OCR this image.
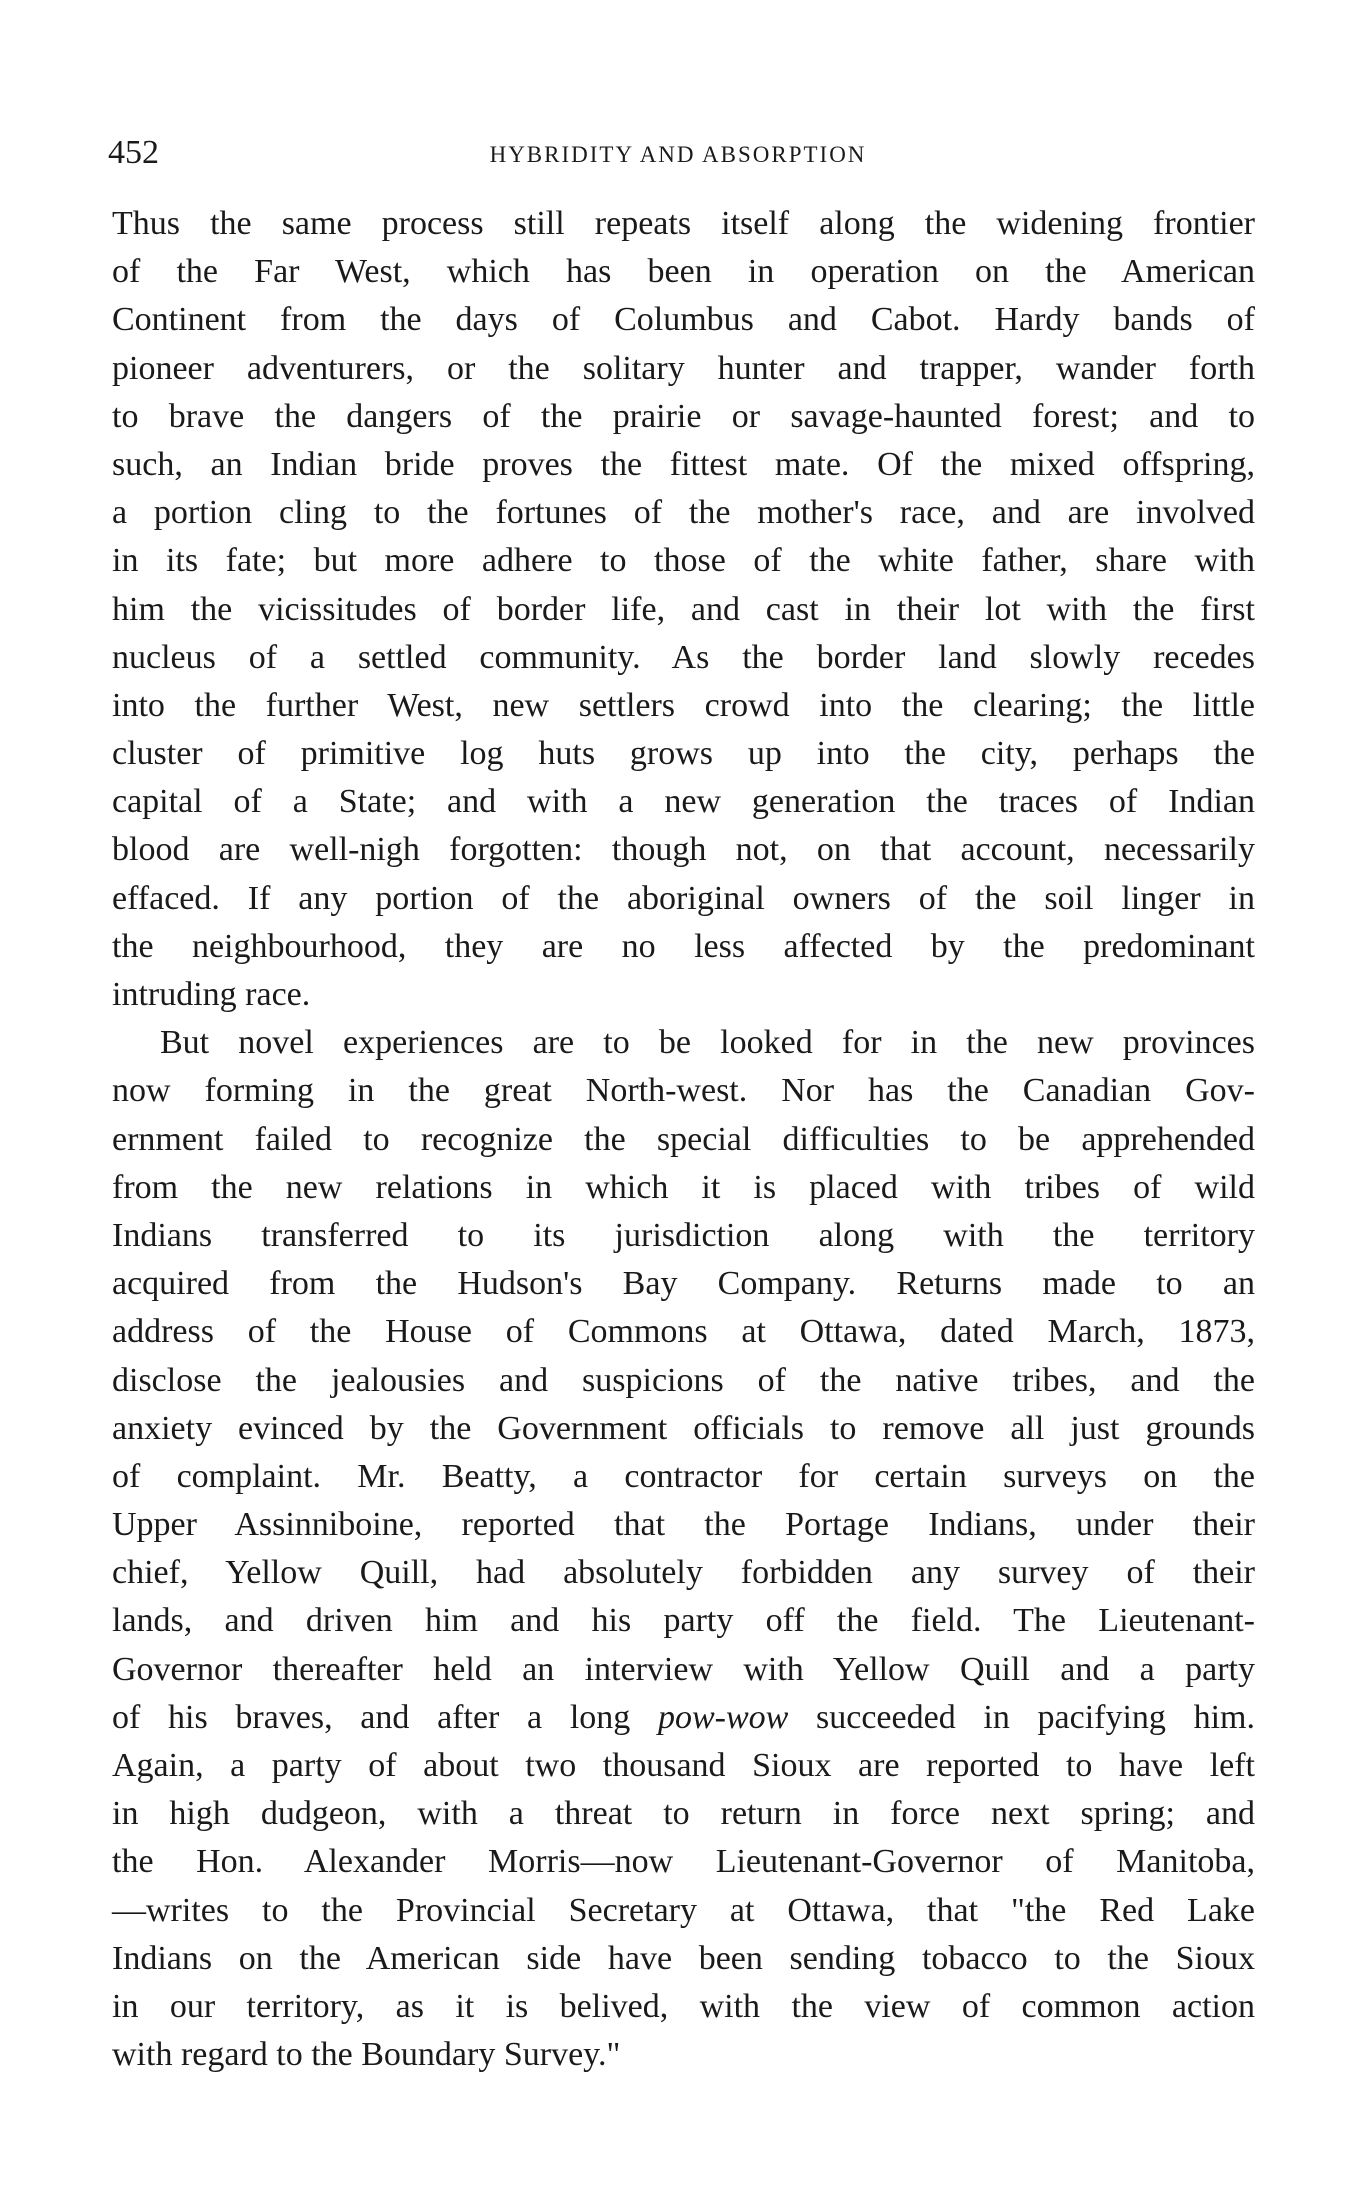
452	HYBRIDITY AND ABSORPTION
Thus the same process still repeats itself along the widening frontier
of the Far West, which has been in operation on the American
Continent from the days of Columbus and Cabot. Hardy bands of
pioneer adventurers, or the solitary hunter and trapper, wander forth
to brave the dangers of the prairie or savage-haunted forest; and to
such, an Indian bride proves the fittest mate. Of the mixed offspring,
a portion cling to the fortunes of the mother's race, and are involved
in its fate; but more adhere to those of the white father, share with
him the vicissitudes of border life, and cast in their lot with the first
nucleus of a settled community. As the border land slowly recedes
into the further West, new settlers crowd into the clearing; the little
cluster of primitive log huts grows up into the city, perhaps the
capital of a State; and with a new generation the traces of Indian
blood are well-nigh forgotten: though not, on that account, necessarily
effaced. If any portion of the aboriginal owners of the soil linger in
the neighbourhood, they are no less affected by the predominant
intruding race.
But novel experiences are to be looked for in the new provinces
now forming in the great North-west. Nor has the Canadian Gov-
ernment failed to recognize the special difficulties to be apprehended
from the new relations in which it is placed with tribes of wild
Indians transferred to its jurisdiction along with the territory
acquired from the Hudson's Bay Company. Returns made to an
address of the House of Commons at Ottawa, dated March, 1873,
disclose the jealousies and suspicions of the native tribes, and the
anxiety evinced by the Government officials to remove all just grounds
of complaint. Mr. Beatty, a contractor for certain surveys on the
Upper Assinniboine, reported that the Portage Indians, under their
chief, Yellow Quill, had absolutely forbidden any survey of their
lands, and driven him and his party off the field. The Lieutenant-
Governor thereafter held an interview with Yellow Quill and a party
of his braves, and after a long pow-wow succeeded in pacifying him.
Again, a party of about two thousand Sioux are reported to have left
in high dudgeon, with a threat to return in force next spring; and
the Hon. Alexander Morris—now Lieutenant-Governor of Manitoba,
—writes to the Provincial Secretary at Ottawa, that "the Red Lake
Indians on the American side have been sending tobacco to the Sioux
in our territory, as it is belived, with the view of common action
with regard to the Boundary Survey."
